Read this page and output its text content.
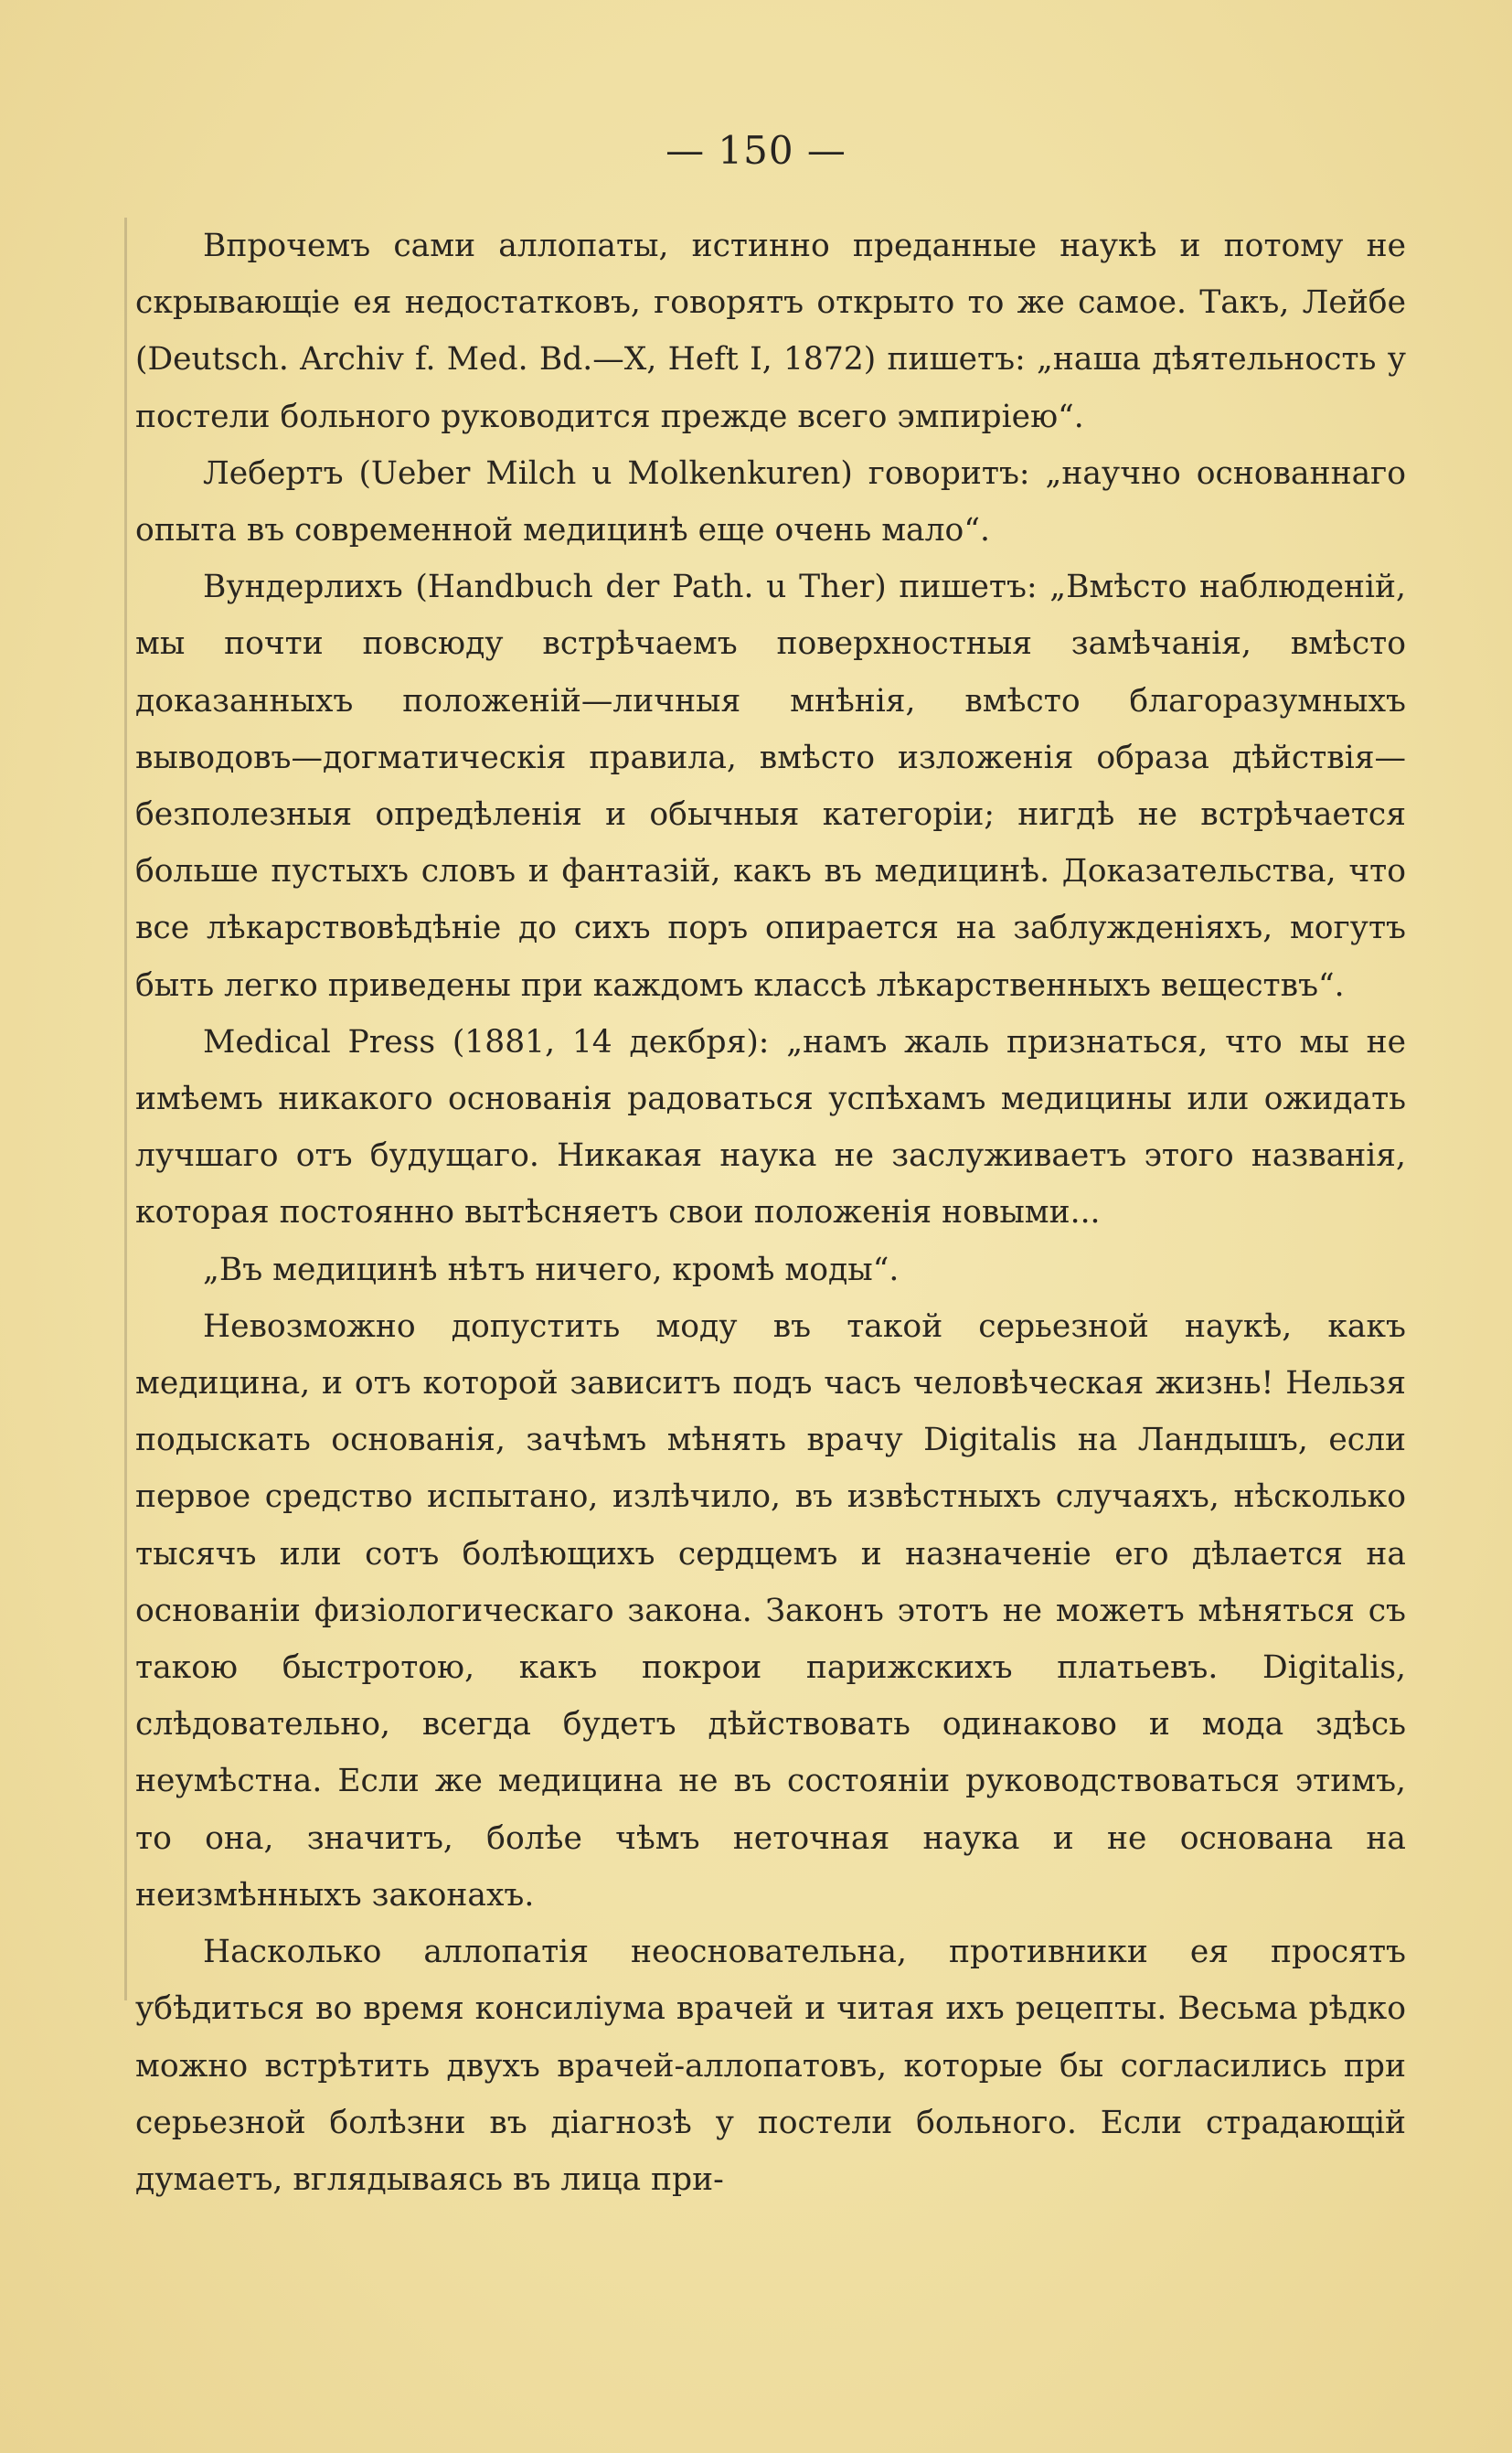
— 150 —

Впрочемъ сами аллопаты, истинно преданные наукѣ и потому не скрывающіе ея недостатковъ, говорятъ открыто то же самое. Такъ, Лейбе (Deutsch. Archiv f. Med. Bd.—X, Heft I, 1872) пишетъ: „наша дѣятельность у постели больного руководится прежде всего эмпиріею“.

Лебертъ (Ueber Milch u Molkenkuren) говоритъ: „научно основаннаго опыта въ современной медицинѣ еще очень мало“.

Вундерлихъ (Handbuch der Path. u Ther) пишетъ: „Вмѣсто наблюденій, мы почти повсюду встрѣчаемъ поверхностныя замѣчанія, вмѣсто доказанныхъ положеній—личныя мнѣнія, вмѣсто благоразумныхъ выводовъ—догматическія правила, вмѣсто изложенія образа дѣйствія—безполезныя опредѣленія и обычныя категоріи; нигдѣ не встрѣчается больше пустыхъ словъ и фантазій, какъ въ медицинѣ. Доказательства, что все лѣкарствовѣдѣніе до сихъ поръ опирается на заблужденіяхъ, могутъ быть легко приведены при каждомъ классѣ лѣкарственныхъ веществъ“.

Medical Press (1881, 14 декбря): „намъ жаль признаться, что мы не имѣемъ никакого основанія радоваться успѣхамъ медицины или ожидать лучшаго отъ будущаго. Никакая наука не заслуживаетъ этого названія, которая постоянно вытѣсняетъ свои положенія новыми...

„Въ медицинѣ нѣтъ ничего, кромѣ моды“.

Невозможно допустить моду въ такой серьезной наукѣ, какъ медицина, и отъ которой зависитъ подъ часъ человѣческая жизнь! Нельзя подыскать основанія, зачѣмъ мѣнять врачу Digitalis на Ландышъ, если первое средство испытано, излѣчило, въ извѣстныхъ случаяхъ, нѣсколько тысячъ или сотъ болѣющихъ сердцемъ и назначеніе его дѣлается на основаніи физіологическаго закона. Законъ этотъ не можетъ мѣняться съ такою быстротою, какъ покрои парижскихъ платьевъ. Digitalis, слѣдовательно, всегда будетъ дѣйствовать одинаково и мода здѣсь неумѣстна. Если же медицина не въ состояніи руководствоваться этимъ, то она, значитъ, болѣе чѣмъ неточная наука и не основана на неизмѣнныхъ законахъ.

Насколько аллопатія неосновательна, противники ея просятъ убѣдиться во время консиліума врачей и читая ихъ рецепты. Весьма рѣдко можно встрѣтить двухъ врачей-аллопатовъ, которые бы согласились при серьезной болѣзни въ діагнозѣ у постели больного. Если страдающій думаетъ, вглядываясь въ лица при-
